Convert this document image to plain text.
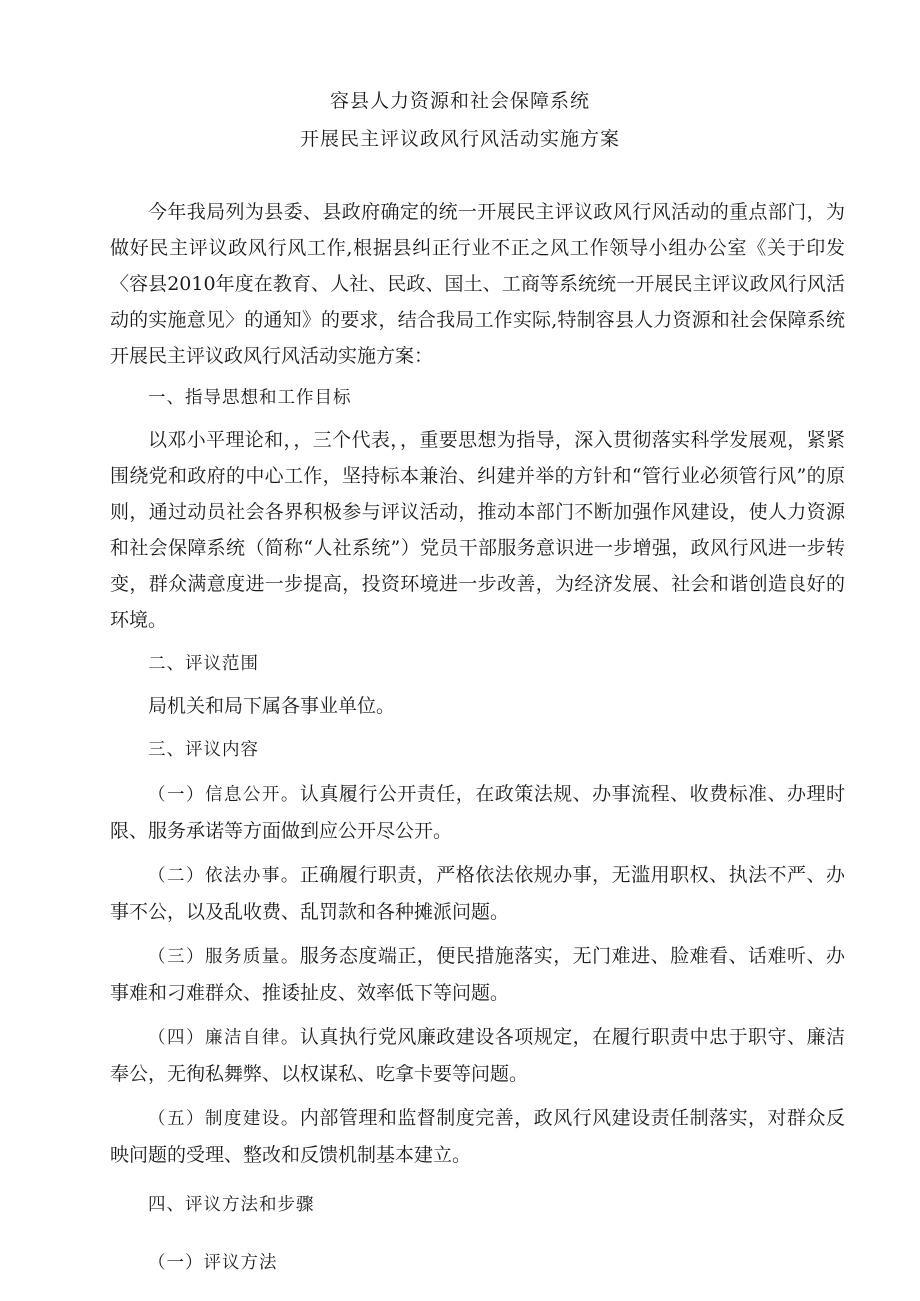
容县人力资源和社会保障系统
开展民主评议政风行风活动实施方案

今年我局列为县委、县政府确定的统一开展民主评议政风行风活动的重点部门，为做好民主评议政风行风工作,根据县纠正行业不正之风工作领导小组办公室《关于印发〈容县2010年度在教育、人社、民政、国土、工商等系统统一开展民主评议政风行风活动的实施意见〉的通知》的要求，结合我局工作实际,特制容县人力资源和社会保障系统开展民主评议政风行风活动实施方案：

一、指导思想和工作目标

以邓小平理论和，，三个代表，，重要思想为指导，深入贯彻落实科学发展观，紧紧围绕党和政府的中心工作，坚持标本兼治、纠建并举的方针和“管行业必须管行风”的原则，通过动员社会各界积极参与评议活动，推动本部门不断加强作风建设，使人力资源和社会保障系统（简称“人社系统”）党员干部服务意识进一步增强，政风行风进一步转变，群众满意度进一步提高，投资环境进一步改善，为经济发展、社会和谐创造良好的环境。

二、评议范围

局机关和局下属各事业单位。

三、评议内容

（一）信息公开。认真履行公开责任，在政策法规、办事流程、收费标准、办理时限、服务承诺等方面做到应公开尽公开。

（二）依法办事。正确履行职责，严格依法依规办事，无滥用职权、执法不严、办事不公，以及乱收费、乱罚款和各种摊派问题。

（三）服务质量。服务态度端正，便民措施落实，无门难进、脸难看、话难听、办事难和刁难群众、推诿扯皮、效率低下等问题。

（四）廉洁自律。认真执行党风廉政建设各项规定，在履行职责中忠于职守、廉洁奉公，无徇私舞弊、以权谋私、吃拿卡要等问题。

（五）制度建设。内部管理和监督制度完善，政风行风建设责任制落实，对群众反映问题的受理、整改和反馈机制基本建立。

四、评议方法和步骤

（一）评议方法
